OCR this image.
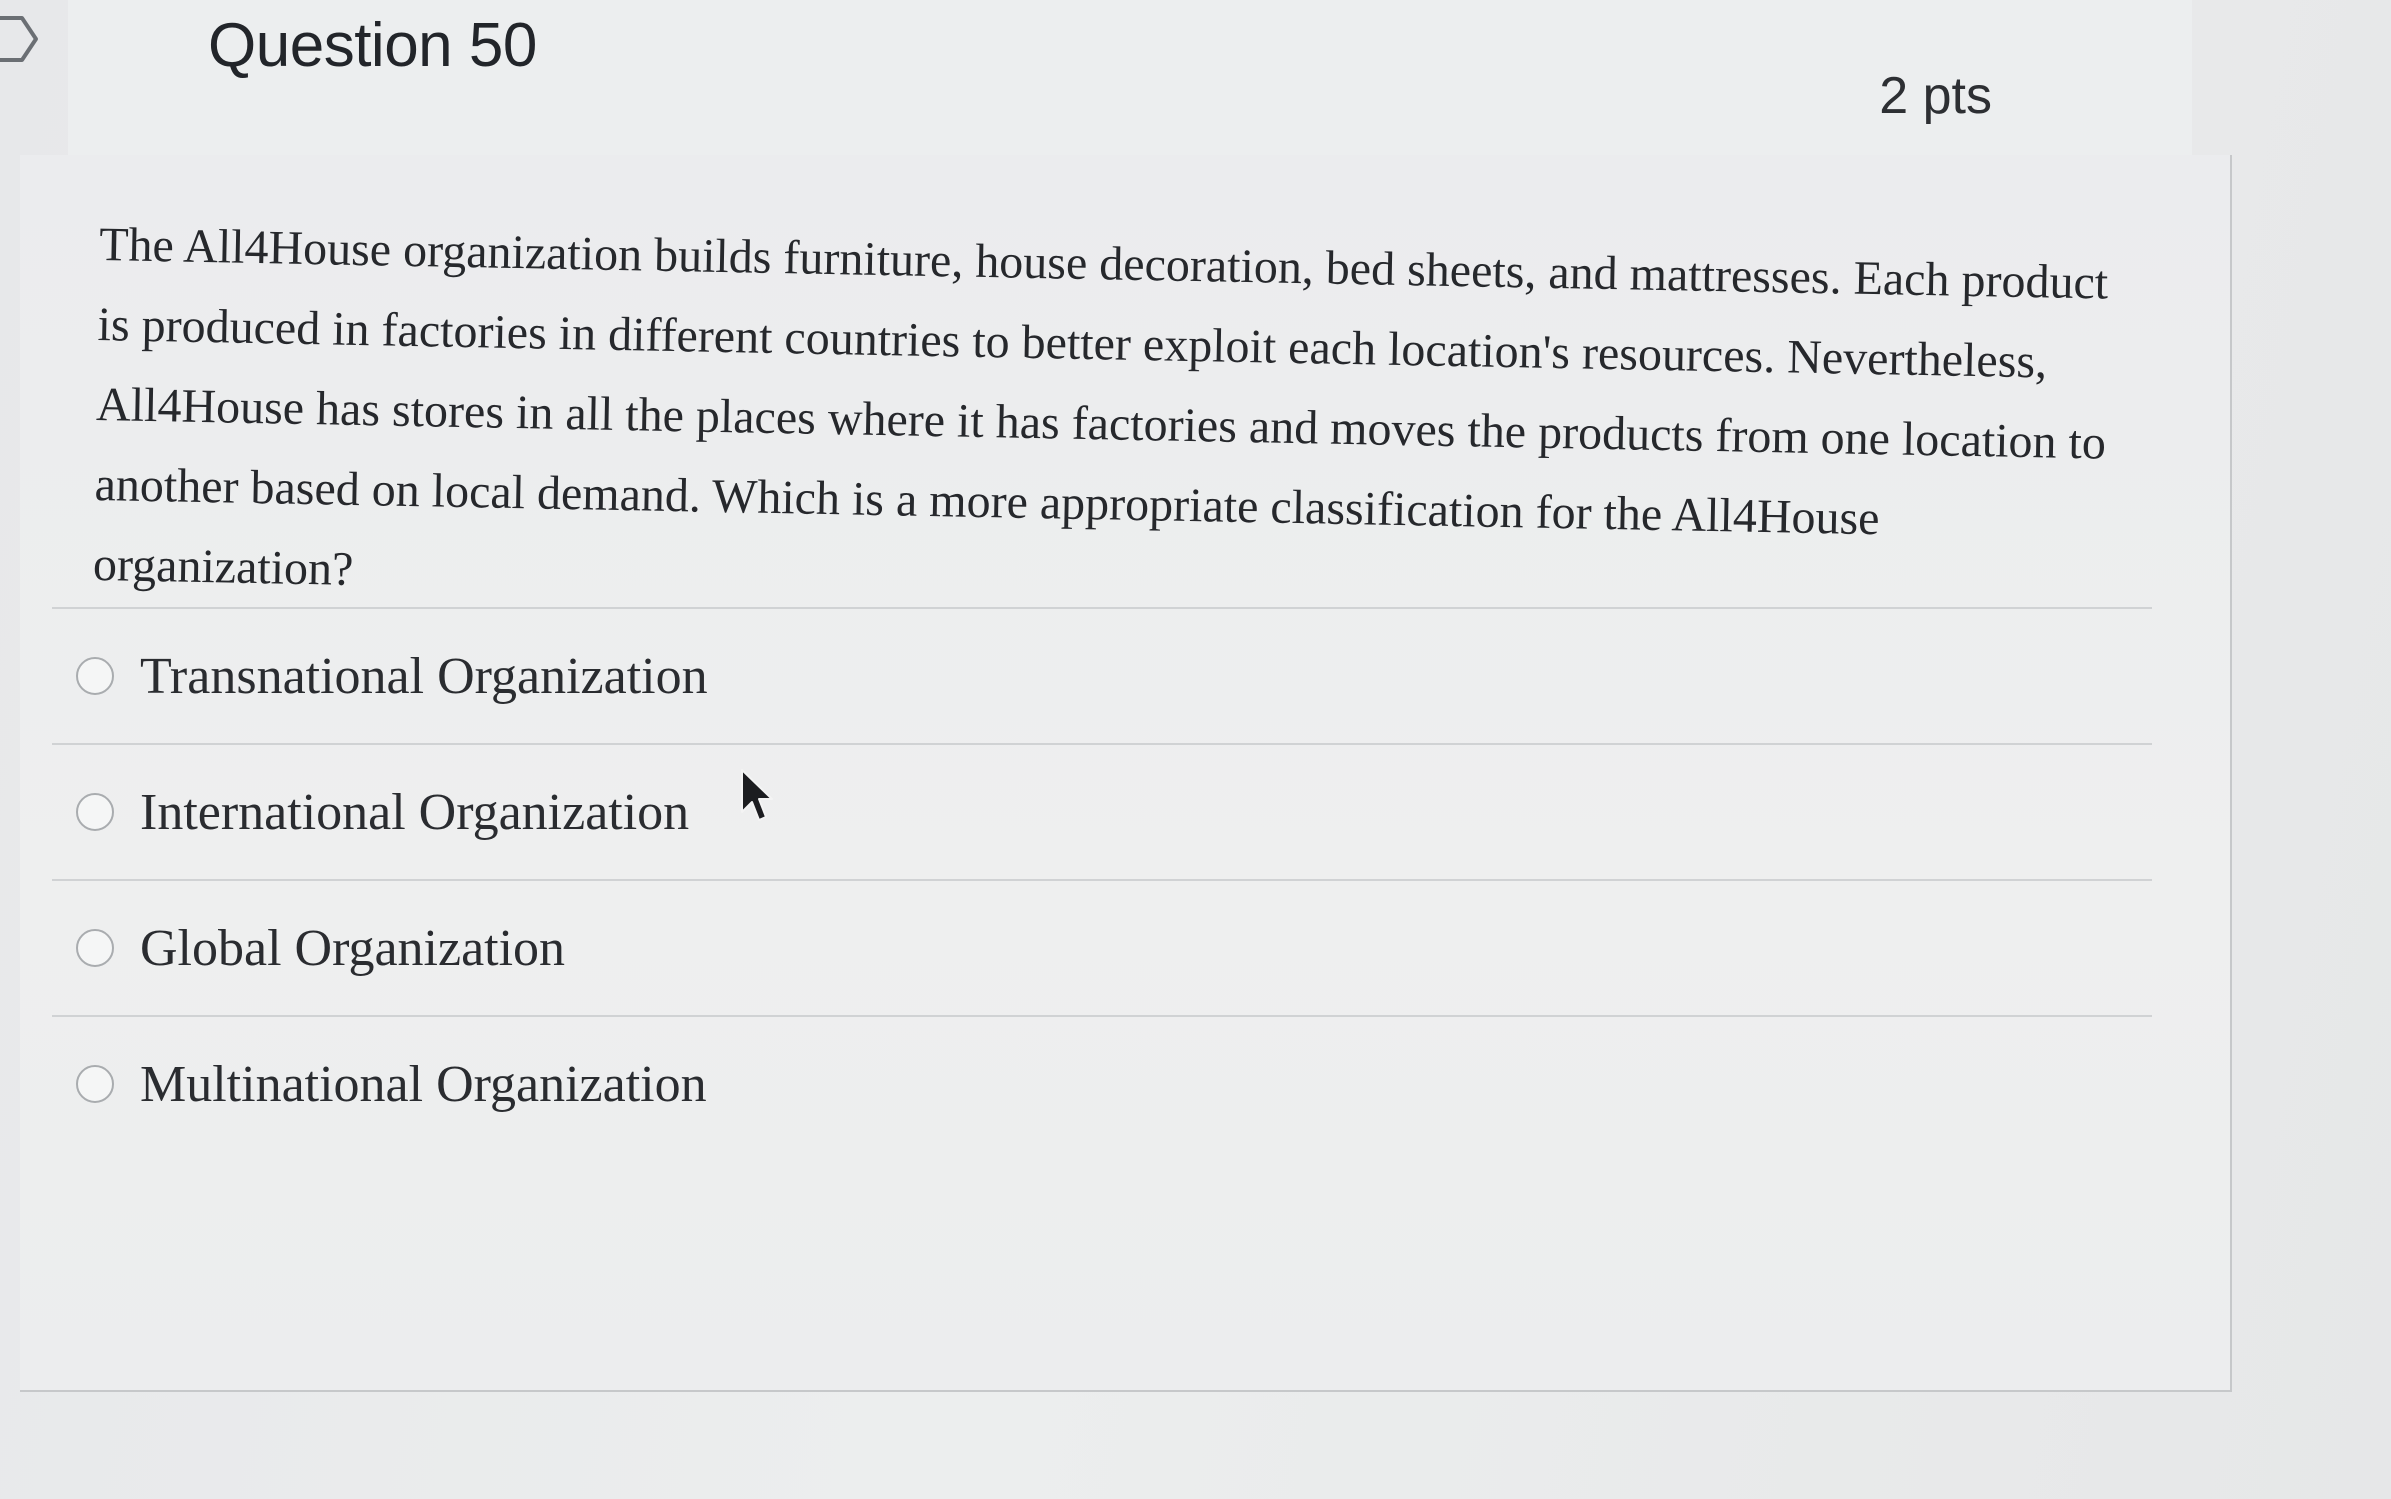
Question 50
2 pts
The All4House organization builds furniture, house decoration, bed sheets, and mattresses. Each product is produced in factories in different countries to better exploit each location's resources. Nevertheless, All4House has stores in all the places where it has factories and moves the products from one location to another based on local demand. Which is a more appropriate classification for the All4House organization?
Transnational Organization
International Organization
Global Organization
Multinational Organization
